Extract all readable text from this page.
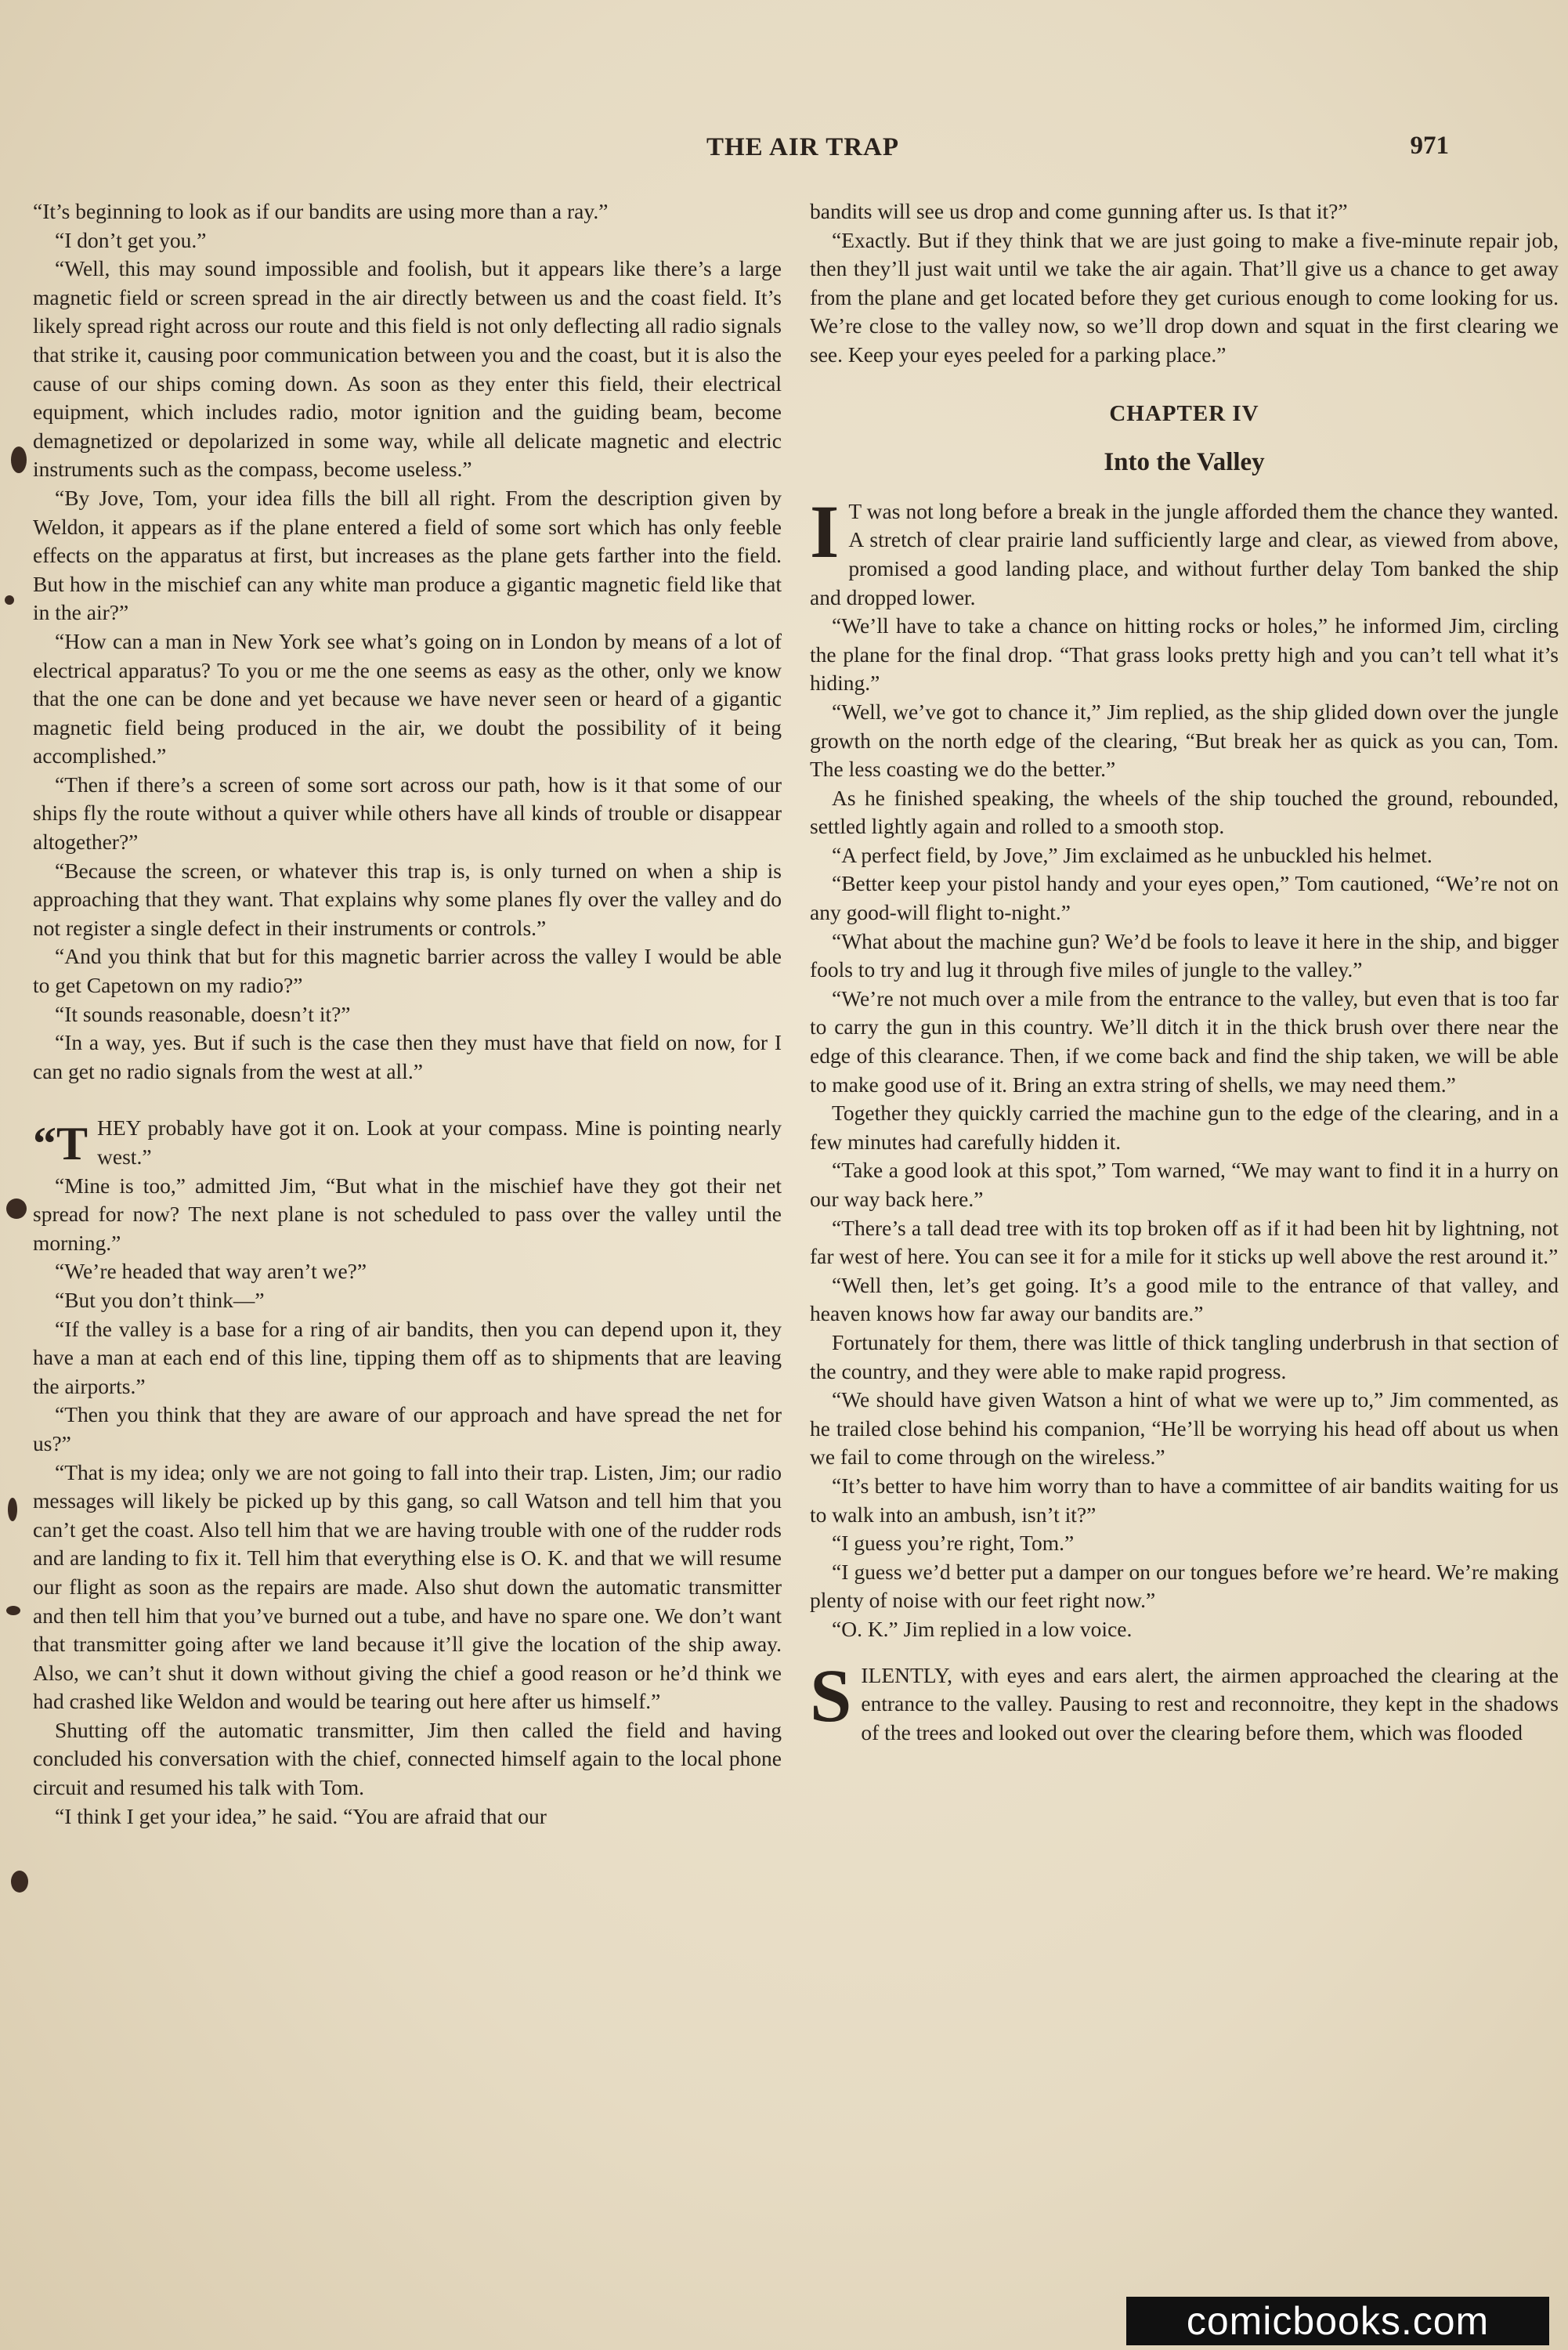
THE AIR TRAP	971

“It’s beginning to look as if our bandits are using more than a ray.”

“I don’t get you.”

“Well, this may sound impossible and foolish, but it appears like there’s a large magnetic field or screen spread in the air directly between us and the coast field. It’s likely spread right across our route and this field is not only deflecting all radio signals that strike it, causing poor communication between you and the coast, but it is also the cause of our ships coming down. As soon as they enter this field, their electrical equipment, which includes radio, motor ignition and the guiding beam, become demagnetized or depolarized in some way, while all delicate magnetic and electric instruments such as the compass, become useless.”

“By Jove, Tom, your idea fills the bill all right. From the description given by Weldon, it appears as if the plane entered a field of some sort which has only feeble effects on the apparatus at first, but increases as the plane gets farther into the field. But how in the mischief can any white man produce a gigantic magnetic field like that in the air?”

“How can a man in New York see what’s going on in London by means of a lot of electrical apparatus? To you or me the one seems as easy as the other, only we know that the one can be done and yet because we have never seen or heard of a gigantic magnetic field being produced in the air, we doubt the possibility of it being accomplished.”

“Then if there’s a screen of some sort across our path, how is it that some of our ships fly the route without a quiver while others have all kinds of trouble or disappear altogether?”

“Because the screen, or whatever this trap is, is only turned on when a ship is approaching that they want. That explains why some planes fly over the valley and do not register a single defect in their instruments or controls.”

“And you think that but for this magnetic barrier across the valley I would be able to get Capetown on my radio?”

“It sounds reasonable, doesn’t it?”

“In a way, yes. But if such is the case then they must have that field on now, for I can get no radio signals from the west at all.”

“THEY probably have got it on. Look at your compass. Mine is pointing nearly west.”

“Mine is too,” admitted Jim, “But what in the mischief have they got their net spread for now? The next plane is not scheduled to pass over the valley until the morning.”

“We’re headed that way aren’t we?”

“But you don’t think—”

“If the valley is a base for a ring of air bandits, then you can depend upon it, they have a man at each end of this line, tipping them off as to shipments that are leaving the airports.”

“Then you think that they are aware of our approach and have spread the net for us?”

“That is my idea; only we are not going to fall into their trap. Listen, Jim; our radio messages will likely be picked up by this gang, so call Watson and tell him that you can’t get the coast. Also tell him that we are having trouble with one of the rudder rods and are landing to fix it. Tell him that everything else is O. K. and that we will resume our flight as soon as the repairs are made. Also shut down the automatic transmitter and then tell him that you’ve burned out a tube, and have no spare one. We don’t want that transmitter going after we land because it’ll give the location of the ship away. Also, we can’t shut it down without giving the chief a good reason or he’d think we had crashed like Weldon and would be tearing out here after us himself.”

Shutting off the automatic transmitter, Jim then called the field and having concluded his conversation with the chief, connected himself again to the local phone circuit and resumed his talk with Tom.

“I think I get your idea,” he said. “You are afraid that our

bandits will see us drop and come gunning after us. Is that it?”

“Exactly. But if they think that we are just going to make a five-minute repair job, then they’ll just wait until we take the air again. That’ll give us a chance to get away from the plane and get located before they get curious enough to come looking for us. We’re close to the valley now, so we’ll drop down and squat in the first clearing we see. Keep your eyes peeled for a parking place.”

CHAPTER IV
Into the Valley

I T was not long before a break in the jungle afforded them the chance they wanted. A stretch of clear prairie land sufficiently large and clear, as viewed from above, promised a good landing place, and without further delay Tom banked the ship and dropped lower.

“We’ll have to take a chance on hitting rocks or holes,” he informed Jim, circling the plane for the final drop. “That grass looks pretty high and you can’t tell what it’s hiding.”

“Well, we’ve got to chance it,” Jim replied, as the ship glided down over the jungle growth on the north edge of the clearing, “But break her as quick as you can, Tom. The less coasting we do the better.”

As he finished speaking, the wheels of the ship touched the ground, rebounded, settled lightly again and rolled to a smooth stop.

“A perfect field, by Jove,” Jim exclaimed as he unbuckled his helmet.

“Better keep your pistol handy and your eyes open,” Tom cautioned, “We’re not on any good-will flight to-night.”

“What about the machine gun? We’d be fools to leave it here in the ship, and bigger fools to try and lug it through five miles of jungle to the valley.”

“We’re not much over a mile from the entrance to the valley, but even that is too far to carry the gun in this country. We’ll ditch it in the thick brush over there near the edge of this clearance. Then, if we come back and find the ship taken, we will be able to make good use of it. Bring an extra string of shells, we may need them.”

Together they quickly carried the machine gun to the edge of the clearing, and in a few minutes had carefully hidden it.

“Take a good look at this spot,” Tom warned, “We may want to find it in a hurry on our way back here.”

“There’s a tall dead tree with its top broken off as if it had been hit by lightning, not far west of here. You can see it for a mile for it sticks up well above the rest around it.”

“Well then, let’s get going. It’s a good mile to the entrance of that valley, and heaven knows how far away our bandits are.”

Fortunately for them, there was little of thick tangling underbrush in that section of the country, and they were able to make rapid progress.

“We should have given Watson a hint of what we were up to,” Jim commented, as he trailed close behind his companion, “He’ll be worrying his head off about us when we fail to come through on the wireless.”

“It’s better to have him worry than to have a committee of air bandits waiting for us to walk into an ambush, isn’t it?”

“I guess you’re right, Tom.”

“I guess we’d better put a damper on our tongues before we’re heard. We’re making plenty of noise with our feet right now.”

“O. K.” Jim replied in a low voice.

SILENTLY, with eyes and ears alert, the airmen approached the clearing at the entrance to the valley. Pausing to rest and reconnoitre, they kept in the shadows of the trees and looked out over the clearing before them, which was flooded

comicbooks.com
